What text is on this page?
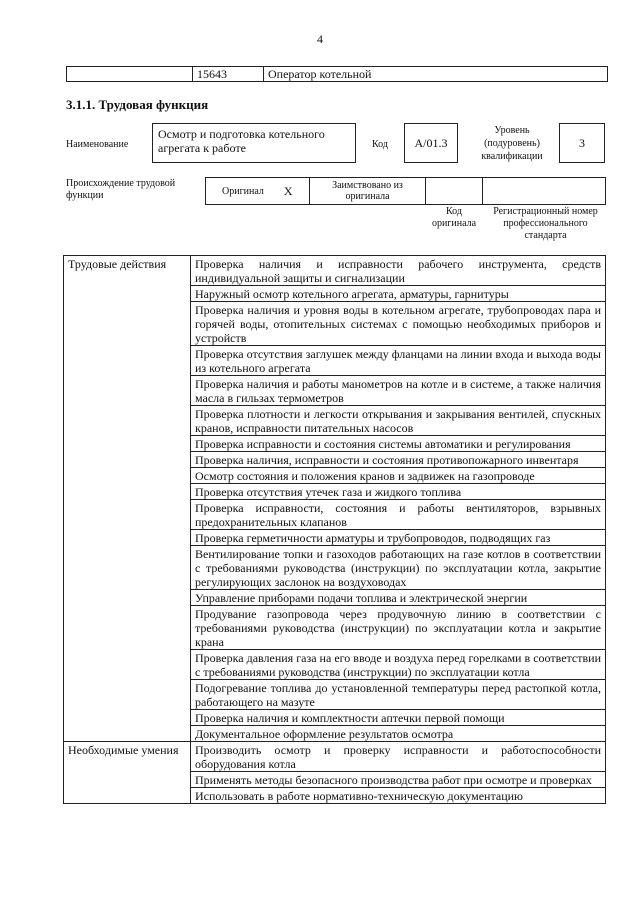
4
15643	Оператор котельной
3.1.1. Трудовая функция
Наименование
Осмотр и подготовка котельного агрегата к работе	Код	A/01.3
Уровень (подуровень) квалификации
3
Происхождение трудовой функции	Оригинал X	Заимствовано из оригинала
Код оригинала
Регистрационный номер профессионального стандарта
Трудовые действия	Проверка наличия и исправности рабочего инструмента, средств индивидуальной защиты и сигнализации
	Наружный осмотр котельного агрегата, арматуры, гарнитуры
	Проверка наличия и уровня воды в котельном агрегате, трубопроводах пара и горячей воды, отопительных системах с помощью необходимых приборов и устройств
	Проверка отсутствия заглушек между фланцами на линии входа и выхода воды из котельного агрегата
	Проверка наличия и работы манометров на котле и в системе, а также наличия масла в гильзах термометров
	Проверка плотности и легкости открывания и закрывания вентилей, спускных кранов, исправности питательных насосов
	Проверка исправности и состояния системы автоматики и регулирования
	Проверка наличия, исправности и состояния противопожарного инвентаря
	Осмотр состояния и положения кранов и задвижек на газопроводе
	Проверка отсутствия утечек газа и жидкого топлива
	Проверка исправности, состояния и работы вентиляторов, взрывных предохранительных клапанов
	Проверка герметичности арматуры и трубопроводов, подводящих газ
	Вентилирование топки и газоходов работающих на газе котлов в соответствии с требованиями руководства (инструкции) по эксплуатации котла, закрытие регулирующих заслонок на воздуховодах
	Управление приборами подачи топлива и электрической энергии
	Продувание газопровода через продувочную линию в соответствии с требованиями руководства (инструкции) по эксплуатации котла и закрытие крана
	Проверка давления газа на его вводе и воздуха перед горелками в соответствии с требованиями руководства (инструкции) по эксплуатации котла
	Подогревание топлива до установленной температуры перед растопкой котла, работающего на мазуте
	Проверка наличия и комплектности аптечки первой помощи
	Документальное оформление результатов осмотра
Необходимые умения	Производить осмотр и проверку исправности и работоспособности оборудования котла
	Применять методы безопасного производства работ при осмотре и проверках
	Использовать в работе нормативно-техническую документацию
